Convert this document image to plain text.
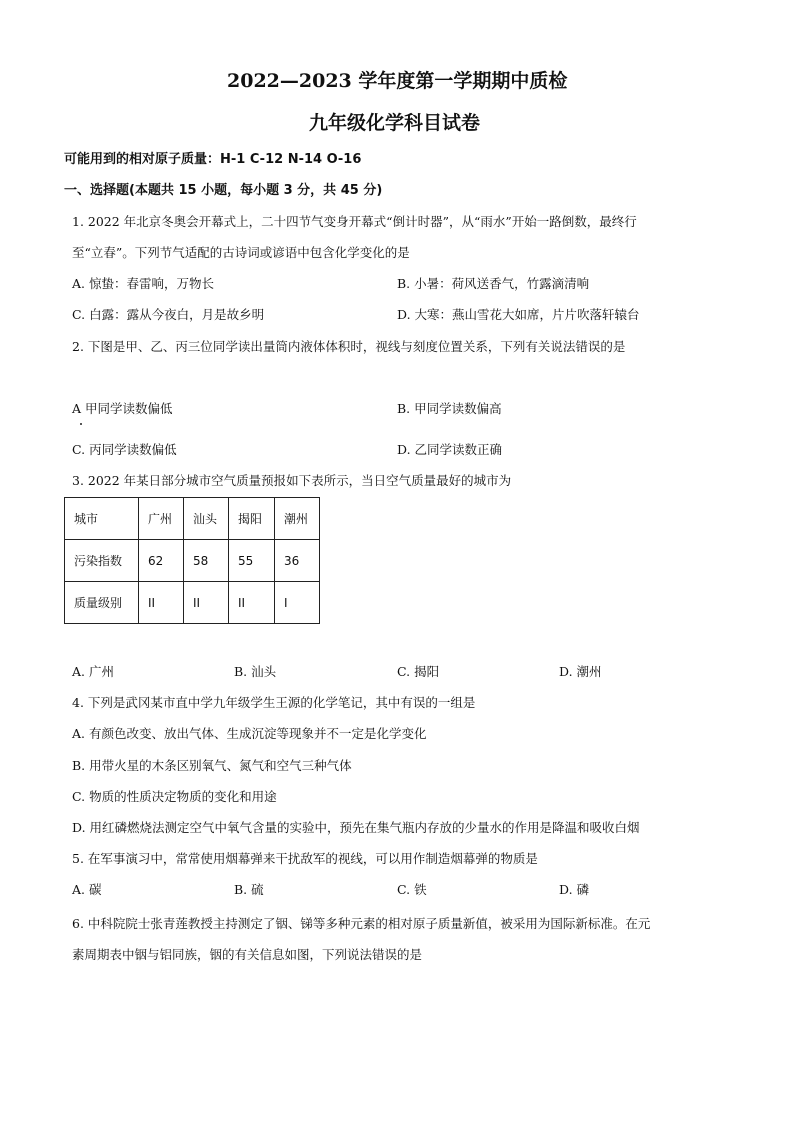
2022—2023 学年度第一学期期中质检
九年级化学科目试卷
可能用到的相对原子质量：H-1 C-12 N-14 O-16
一、选择题(本题共 15 小题，每小题 3 分，共 45 分)
1. 2022 年北京冬奥会开幕式上，二十四节气变身开幕式“倒计时器”，从“雨水”开始一路倒数，最终行
至“立春”。下列节气适配的古诗词或谚语中包含化学变化的是
A. 惊蛰：春雷响，万物长	B. 小暑：荷风送香气，竹露滴清响
C. 白露：露从今夜白，月是故乡明	D. 大寒：燕山雪花大如席，片片吹落轩辕台
2. 下图是甲、乙、丙三位同学读出量筒内液体体积时，视线与刻度位置关系，下列有关说法错误的是
A 甲同学读数偏低	B. 甲同学读数偏高
C. 丙同学读数偏低	D. 乙同学读数正确
3. 2022 年某日部分城市空气质量预报如下表所示，当日空气质量最好的城市为
城市	广州	汕头	揭阳	潮州
污染指数	62	58	55	36
质量级别	II	II	II	I
A. 广州	B. 汕头	C. 揭阳	D. 潮州
4. 下列是武冈某市直中学九年级学生王源的化学笔记，其中有误的一组是
A. 有颜色改变、放出气体、生成沉淀等现象并不一定是化学变化
B. 用带火星的木条区别氧气、氮气和空气三种气体
C. 物质的性质决定物质的变化和用途
D. 用红磷燃烧法测定空气中氧气含量的实验中，预先在集气瓶内存放的少量水的作用是降温和吸收白烟
5. 在军事演习中，常常使用烟幕弹来干扰敌军的视线，可以用作制造烟幕弹的物质是
A. 碳	B. 硫	C. 铁	D. 磷
6. 中科院院士张青莲教授主持测定了铟、锑等多种元素的相对原子质量新值，被采用为国际新标准。在元
素周期表中铟与铝同族，铟的有关信息如图，下列说法错误的是
